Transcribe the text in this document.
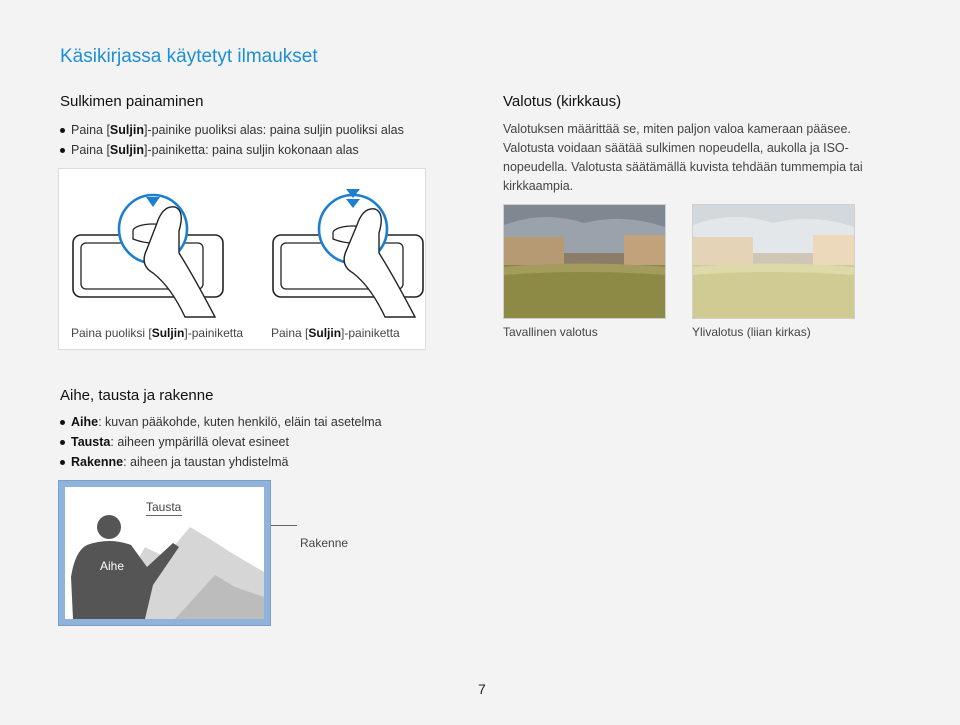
Käsikirjassa käytetyt ilmaukset
Sulkimen painaminen
Paina [Suljin]-painike puoliksi alas: paina suljin puoliksi alas
Paina [Suljin]-painiketta: paina suljin kokonaan alas
Paina puoliksi [Suljin]-painiketta Paina [Suljin]-painiketta
Valotus (kirkkaus)
Valotuksen määrittää se, miten paljon valoa kameraan pääsee. Valotusta voidaan säätää sulkimen nopeudella, aukolla ja ISO-nopeudella. Valotusta säätämällä kuvista tehdään tummempia tai kirkkaampia.
Tavallinen valotus	Ylivalotus (liian kirkas)
Aihe, tausta ja rakenne
Aihe: kuvan pääkohde, kuten henkilö, eläin tai asetelma
Tausta: aiheen ympärillä olevat esineet
Rakenne: aiheen ja taustan yhdistelmä
Tausta
Aihe
Rakenne
7
